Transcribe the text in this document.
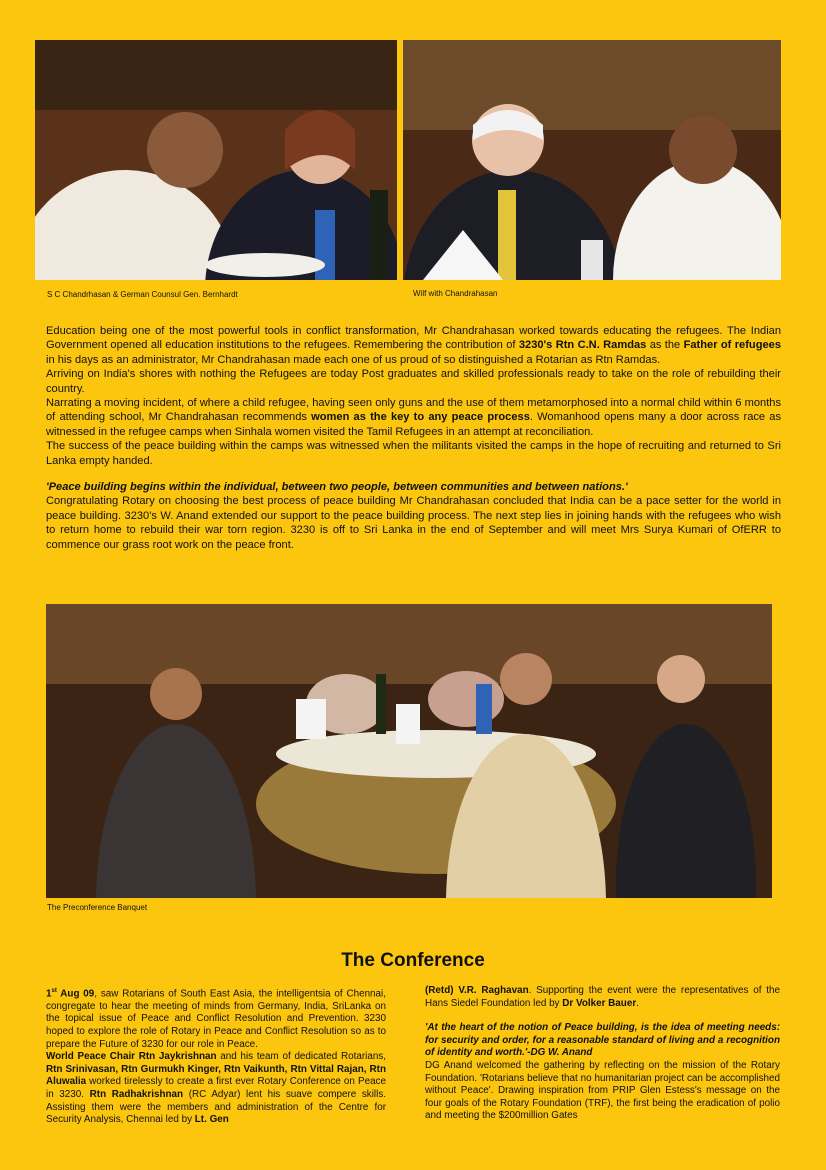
S C Chandrhasan & German Counsul Gen. Bernhardt	Wilf with Chandrahasan

Education being one of the most powerful tools in conflict transformation, Mr Chandrahasan worked towards educating the refugees. The Indian Government opened all education institutions to the refugees. Remembering the contribution of 3230's Rtn C.N. Ramdas as the Father of refugees in his days as an administrator, Mr Chandrahasan made each one of us proud of so distinguished a Rotarian as Rtn Ramdas.

Arriving on India's shores with nothing the Refugees are today Post graduates and skilled professionals ready to take on the role of rebuilding their country.

Narrating a moving incident, of where a child refugee, having seen only guns and the use of them metamorphosed into a normal child within 6 months of attending school, Mr Chandrahasan recommends women as the key to any peace process. Womanhood opens many a door across race as witnessed in the refugee camps when Sinhala women visited the Tamil Refugees in an attempt at reconciliation.

The success of the peace building within the camps was witnessed when the militants visited the camps in the hope of recruiting and returned to Sri Lanka empty handed.

'Peace building begins within the individual, between two people, between communities and between nations.'

Congratulating Rotary on choosing the best process of peace building Mr Chandrahasan concluded that India can be a pace setter for the world in peace building. 3230's W. Anand extended our support to the peace building process. The next step lies in joining hands with the refugees who wish to return home to rebuild their war torn region. 3230 is off to Sri Lanka in the end of September and will meet Mrs Surya Kumari of OfERR to commence our grass root work on the peace front.

The Preconference Banquet
The Conference

1st Aug 09, saw Rotarians of South East Asia, the intelligentsia of Chennai, congregate to hear the meeting of minds from Germany, India, SriLanka on the topical issue of Peace and Conflict Resolution and Prevention. 3230 hoped to explore the role of Rotary in Peace and Conflict Resolution so as to prepare the Future of 3230 for our role in Peace.

World Peace Chair Rtn Jaykrishnan and his team of dedicated Rotarians, Rtn Srinivasan, Rtn Gurmukh Kinger, Rtn Vaikunth, Rtn Vittal Rajan, Rtn Aluwalia worked tirelessly to create a first ever Rotary Conference on Peace in 3230. Rtn Radhakrishnan (RC Adyar) lent his suave compere skills. Assisting them were the members and administration of the Centre for Security Analysis, Chennai led by Lt. Gen

(Retd) V.R. Raghavan. Supporting the event were the representatives of the Hans Siedel Foundation led by Dr Volker Bauer.

'At the heart of the notion of Peace building, is the idea of meeting needs: for security and order, for a reasonable standard of living and a recognition of identity and worth.'-DG W. Anand

DG Anand welcomed the gathering by reflecting on the mission of the Rotary Foundation. 'Rotarians believe that no humanitarian project can be accomplished without Peace'. Drawing inspiration from PRIP Glen Estess's message on the four goals of the Rotary Foundation (TRF), the first being the eradication of polio and meeting the $200million Gates
